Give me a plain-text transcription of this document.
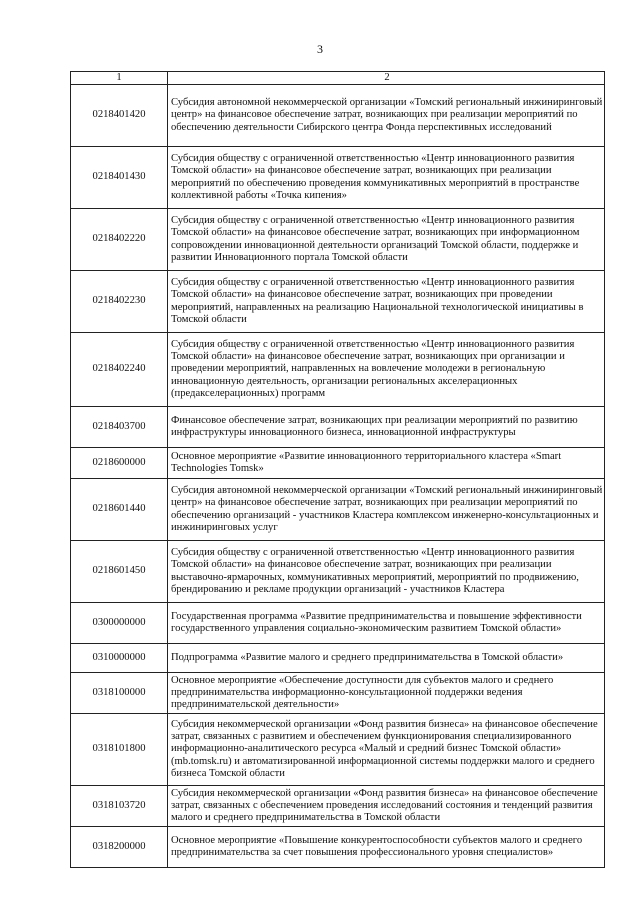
3
1	2
0218401420	Субсидия автономной некоммерческой организации «Томский региональный инжиниринговый центр» на финансовое обеспечение затрат, возникающих при реализации мероприятий по обеспечению деятельности Сибирского центра Фонда перспективных исследований
0218401430	Субсидия обществу с ограниченной ответственностью «Центр инновационного развития Томской области» на финансовое обеспечение затрат, возникающих при реализации мероприятий по обеспечению проведения коммуникативных мероприятий в пространстве коллективной работы «Точка кипения»
0218402220	Субсидия обществу с ограниченной ответственностью «Центр инновационного развития Томской области» на финансовое обеспечение затрат, возникающих при информационном сопровождении инновационной деятельности организаций Томской области, поддержке и развитии Инновационного портала Томской области
0218402230	Субсидия обществу с ограниченной ответственностью «Центр инновационного развития Томской области» на финансовое обеспечение затрат, возникающих при проведении мероприятий, направленных на реализацию Национальной технологической инициативы в Томской области
0218402240	Субсидия обществу с ограниченной ответственностью «Центр инновационного развития Томской области» на финансовое обеспечение затрат, возникающих при организации и проведении мероприятий, направленных на вовлечение молодежи в региональную инновационную деятельность, организации региональных акселерационных (предакселерационных) программ
0218403700	Финансовое обеспечение затрат, возникающих при реализации мероприятий по развитию инфраструктуры инновационного бизнеса, инновационной инфраструктуры
0218600000	Основное мероприятие «Развитие инновационного территориального кластера «Smart Technologies Tomsk»
0218601440	Субсидия автономной некоммерческой организации «Томский региональный инжиниринговый центр» на финансовое обеспечение затрат, возникающих при реализации мероприятий по обеспечению организаций - участников Кластера комплексом инженерно-консультационных и инжиниринговых услуг
0218601450	Субсидия обществу с ограниченной ответственностью «Центр инновационного развития Томской области» на финансовое обеспечение затрат, возникающих при реализации выставочно-ярмарочных, коммуникативных мероприятий, мероприятий по продвижению, брендированию и рекламе продукции организаций - участников Кластера
0300000000	Государственная программа «Развитие предпринимательства и повышение эффективности государственного управления социально-экономическим развитием Томской области»
0310000000	Подпрограмма «Развитие малого и среднего предпринимательства в Томской области»
0318100000	Основное мероприятие «Обеспечение доступности для субъектов малого и среднего предпринимательства информационно-консультационной поддержки ведения предпринимательской деятельности»
0318101800	Субсидия некоммерческой организации «Фонд развития бизнеса» на финансовое обеспечение затрат, связанных с развитием и обеспечением функционирования специализированного информационно-аналитического ресурса «Малый и средний бизнес Томской области» (mb.tomsk.ru) и автоматизированной информационной системы поддержки малого и среднего бизнеса Томской области
0318103720	Субсидия некоммерческой организации «Фонд развития бизнеса» на финансовое обеспечение затрат, связанных с обеспечением проведения исследований состояния и тенденций развития малого и среднего предпринимательства в Томской области
0318200000	Основное мероприятие «Повышение конкурентоспособности субъектов малого и среднего предпринимательства за счет повышения профессионального уровня специалистов»
